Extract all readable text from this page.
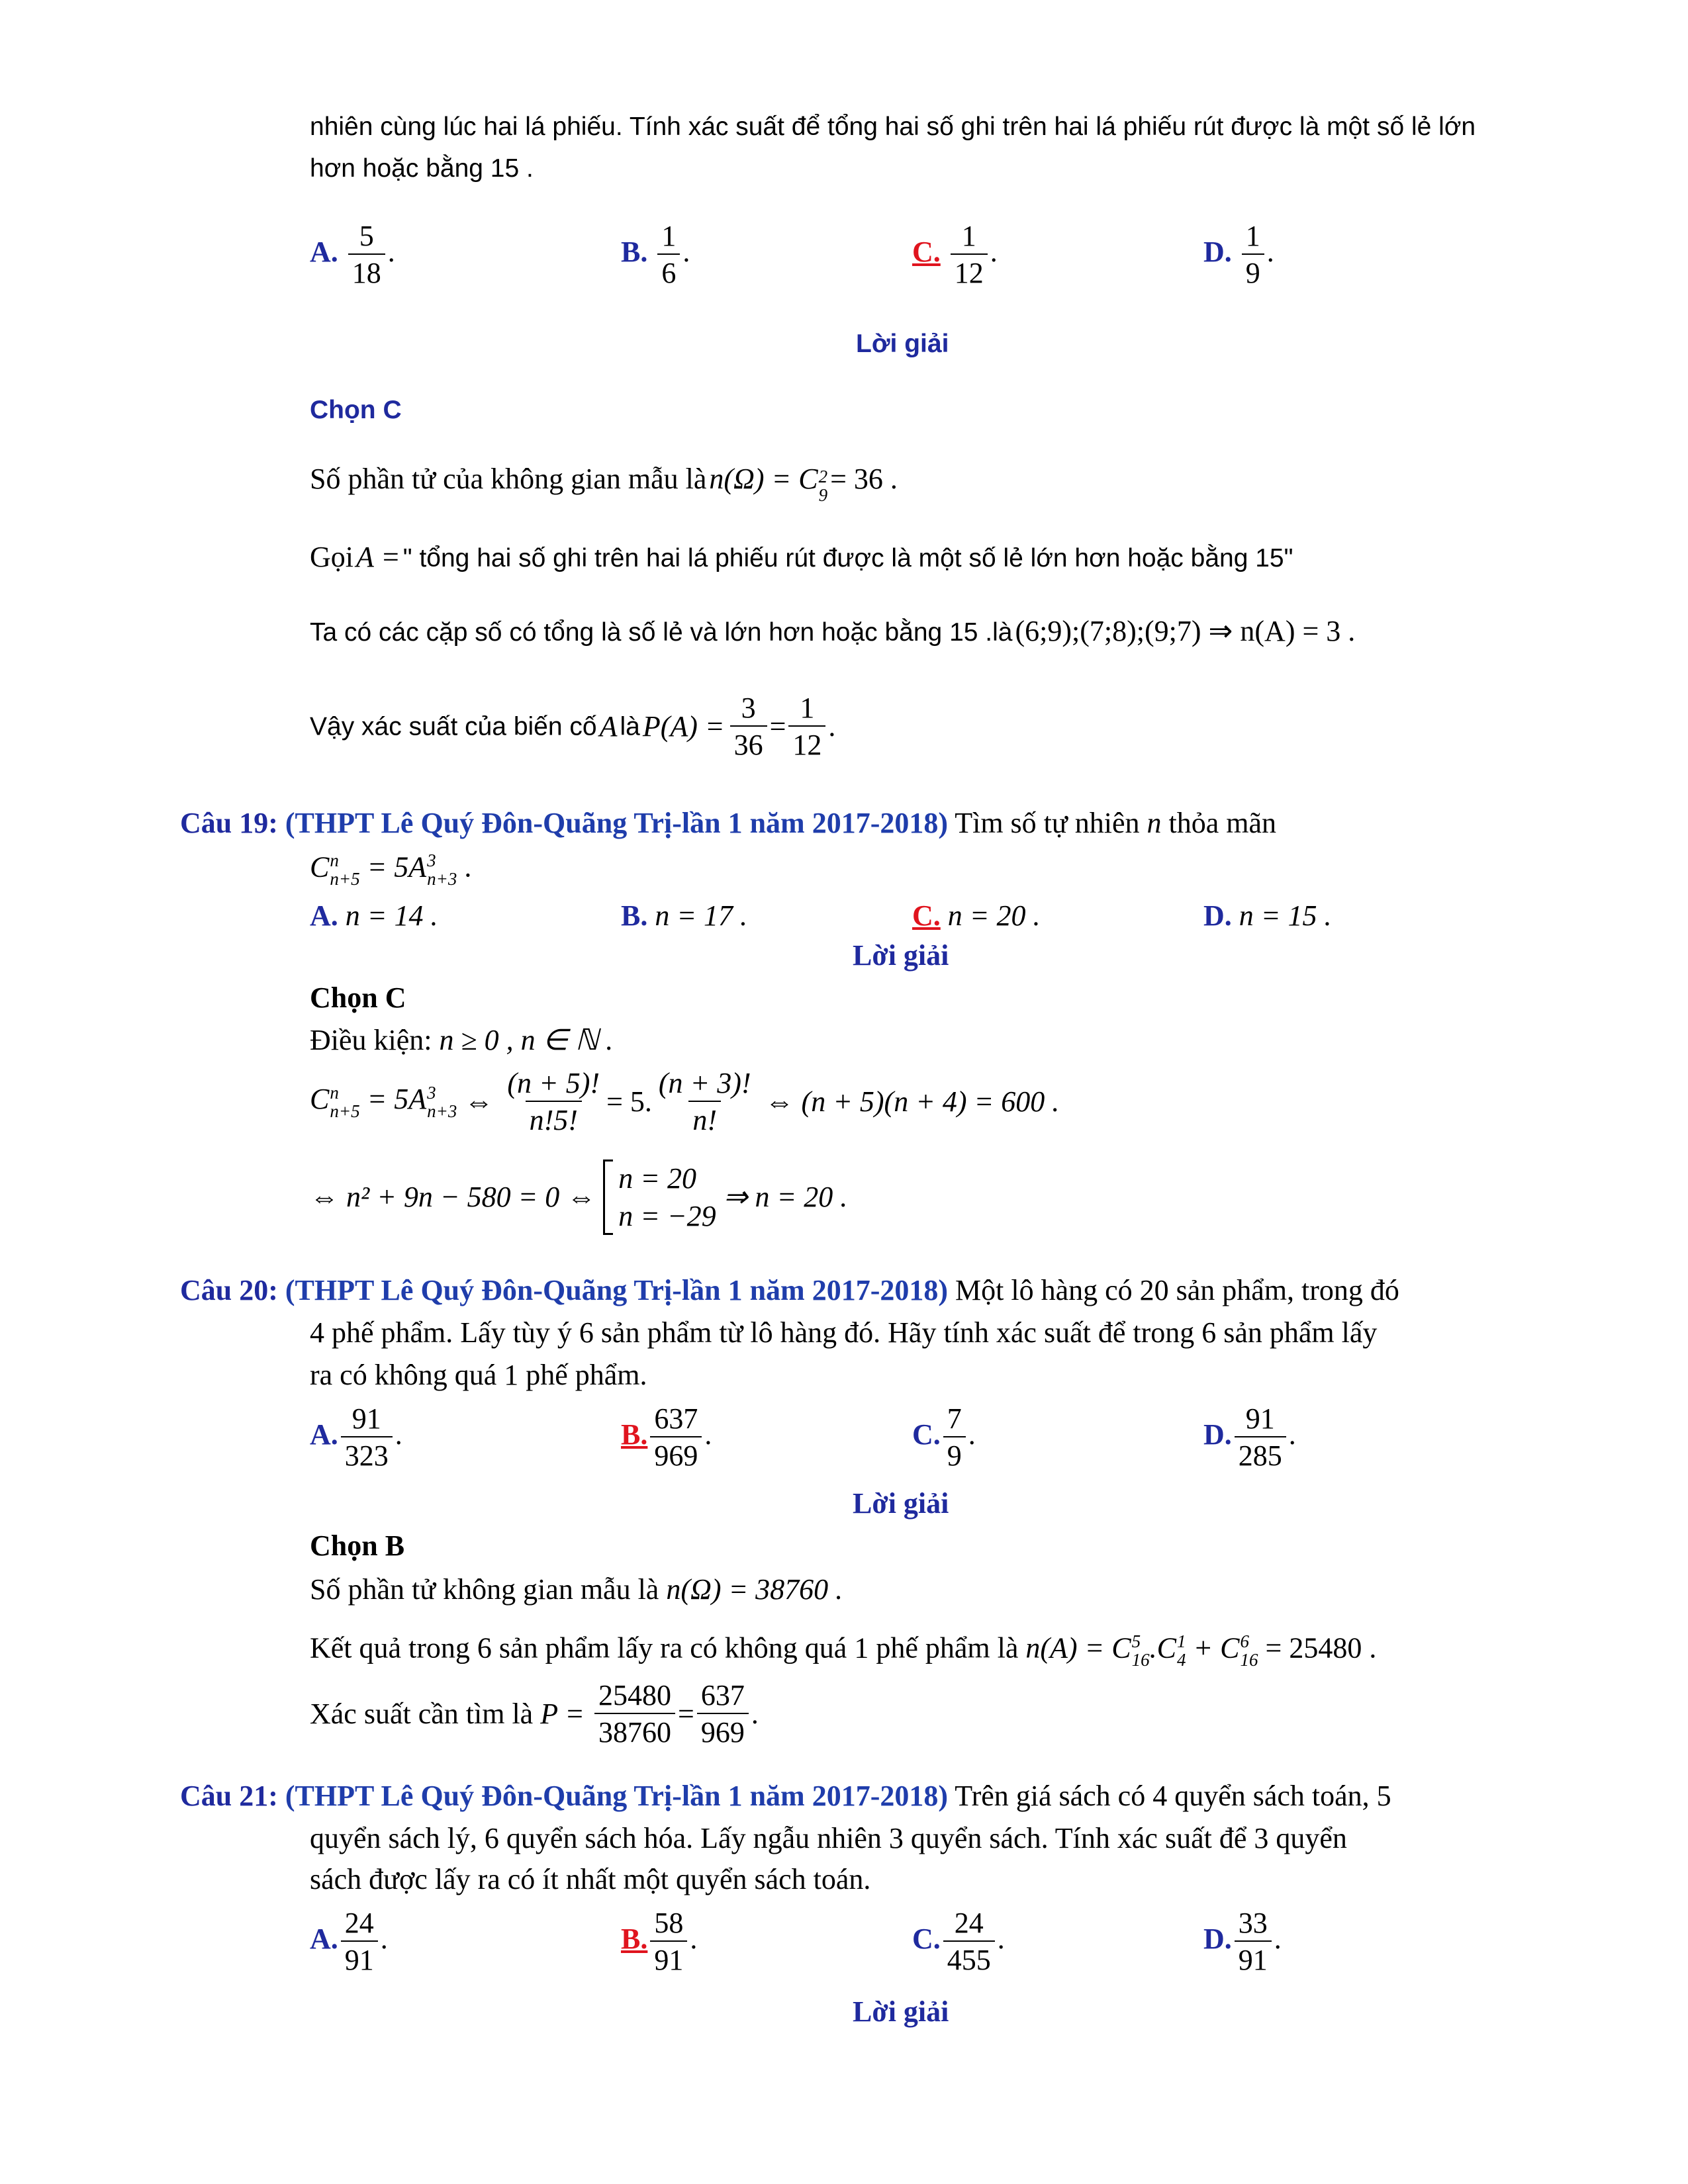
nhiên cùng lúc hai lá phiếu. Tính xác suất để tổng hai số ghi trên hai lá phiếu rút được là một số lẻ lớn
hơn hoặc bằng 15 .
A. $\frac{5}{18}$ .	B. $\frac{1}{6}$ .	C. $\frac{1}{12}$ .	D. $\frac{1}{9}$ .
Lời giải
Chọn C
Số phần tử của không gian mẫu là n(Ω) = C 2
9
= 36 .
Gọi A = " tổng hai số ghi trên hai lá phiếu rút được là một số lẻ lớn hơn hoặc bằng 15"
Ta có các cặp số có tổng là số lẻ và lớn hơn hoặc bằng 15 .là (6;9);(7;8);(9;7) ⇒ n(A) = 3 .
Vậy xác suất của biến cố A là $P(A) = \frac{3}{36} = \frac{1}{12}$ .
Câu 19: (THPT Lê Quý Đôn-Quãng Trị-lần 1 năm 2017-2018) Tìm số tự nhiên n thỏa mãn
C n
n+5 = 5A 3
n+3 .
A. n = 14 .	B. n = 17 .	C. n = 20 .	D. n = 15 .
Lời giải
Chọn C
Điều kiện: n ≥ 0 , n ∈ ℕ .
C n
n+5 = 5A 3
n+3 ⇔ $\frac{(n + 5)!}{n!5!} = 5$. $\frac{(n + 3)!}{n!}$ ⇔ (n + 5)(n + 4) = 600 .
⇔ n² + 9n − 580 = 0 ⇔
n = 20
n = −29
⇒ n = 20 .
Câu 20: (THPT Lê Quý Đôn-Quãng Trị-lần 1 năm 2017-2018) Một lô hàng có 20 sản phẩm, trong đó
4 phế phẩm. Lấy tùy ý 6 sản phẩm từ lô hàng đó. Hãy tính xác suất để trong 6 sản phẩm lấy
ra có không quá 1 phế phẩm.
A. $\frac{91}{323}$ .	B. $\frac{637}{969}$ .	C. $\frac{7}{9}$ .	D. $\frac{91}{285}$ .
Lời giải
Chọn B
Số phần tử không gian mẫu là n(Ω) = 38760 .
Kết quả trong 6 sản phẩm lấy ra có không quá 1 phế phẩm là n(A) = C 5
16 .C 1
4 + C 6
16 = 25480 .
Xác suất cần tìm là $P = \frac{25480}{38760} = \frac{637}{969}$ .
Câu 21: (THPT Lê Quý Đôn-Quãng Trị-lần 1 năm 2017-2018) Trên giá sách có 4 quyển sách toán, 5
quyển sách lý, 6 quyển sách hóa. Lấy ngẫu nhiên 3 quyển sách. Tính xác suất để 3 quyển
sách được lấy ra có ít nhất một quyển sách toán.
A. $\frac{24}{91}$ .	B. $\frac{58}{91}$ .	C. $\frac{24}{455}$ .	D. $\frac{33}{91}$ .
Lời giải
